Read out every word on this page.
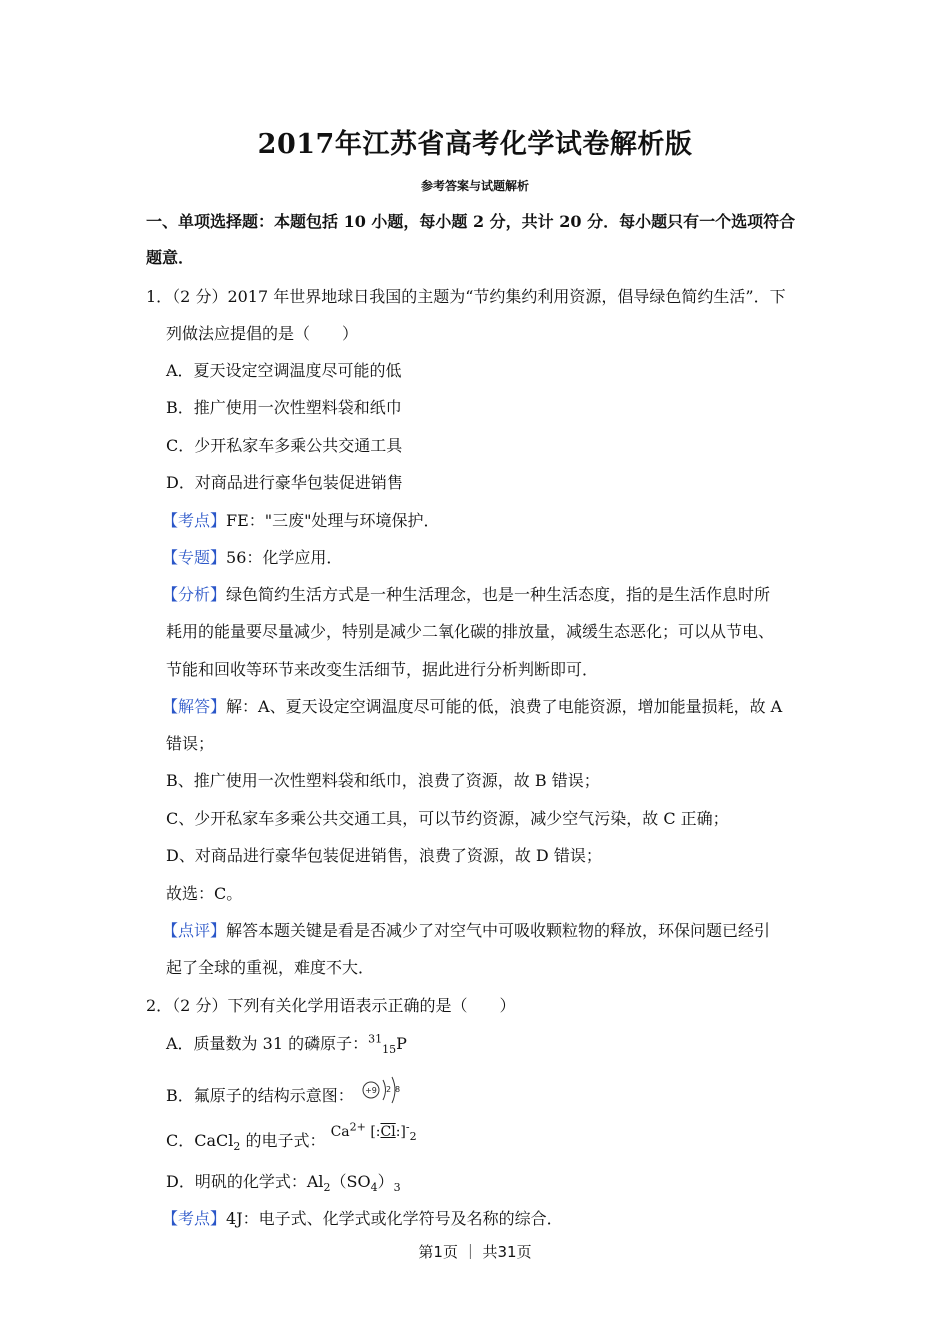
2017年江苏省高考化学试卷解析版
参考答案与试题解析
一、单项选择题：本题包括 10 小题，每小题 2 分，共计 20 分．每小题只有一个选项符合
题意．
1．（2 分）2017 年世界地球日我国的主题为“节约集约利用资源，倡导绿色简约生活”．下
列做法应提倡的是（　　）
A．夏天设定空调温度尽可能的低
B．推广使用一次性塑料袋和纸巾
C．少开私家车多乘公共交通工具
D．对商品进行豪华包装促进销售
【考点】FE："三废"处理与环境保护．
【专题】56：化学应用．
【分析】绿色简约生活方式是一种生活理念，也是一种生活态度，指的是生活作息时所
耗用的能量要尽量减少，特别是减少二氧化碳的排放量，减缓生态恶化；可以从节电、
节能和回收等环节来改变生活细节，据此进行分析判断即可．
【解答】解：A、夏天设定空调温度尽可能的低，浪费了电能资源，增加能量损耗，故 A
错误；
B、推广使用一次性塑料袋和纸巾，浪费了资源，故 B 错误；
C、少开私家车多乘公共交通工具，可以节约资源，减少空气污染，故 C 正确；
D、对商品进行豪华包装促进销售，浪费了资源，故 D 错误；
故选：C。
【点评】解答本题关键是看是否减少了对空气中可吸收颗粒物的释放，环保问题已经引
起了全球的重视，难度不大．
2．（2 分）下列有关化学用语表示正确的是（　　）
A．质量数为 31 的磷原子：$^{31}_{15}$P
B．氟原子的结构示意图： +9 2 8
C．CaCl$_2$ 的电子式： $Ca^{2+}$ $[:Cl:]^-_2$
D．明矾的化学式：$Al_2(SO_4)_3$
【考点】4J：电子式、化学式或化学符号及名称的综合．
第1页 ｜ 共31页
